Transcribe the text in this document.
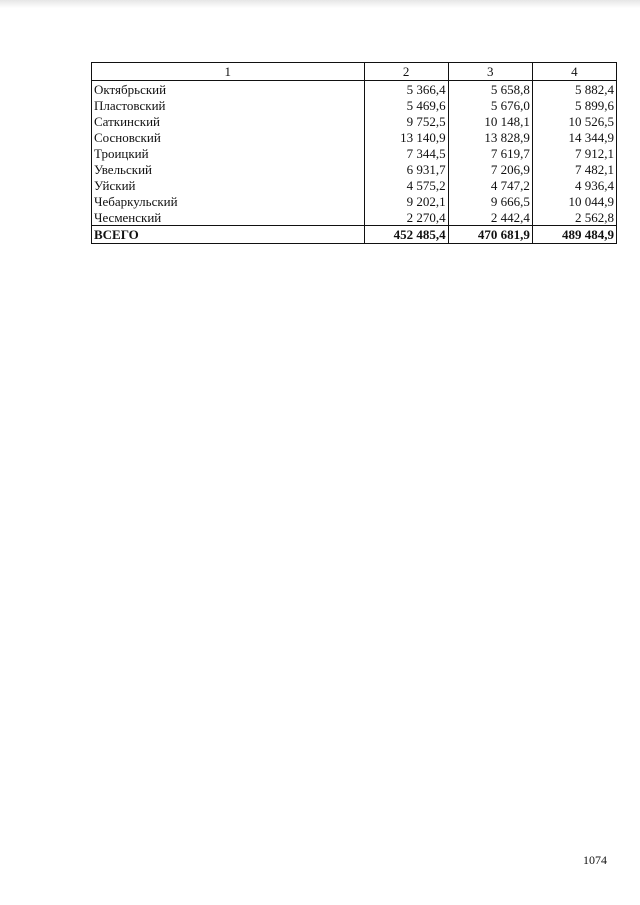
1	2	3	4
Октябрьский	5 366,4	5 658,8	5 882,4
Пластовский	5 469,6	5 676,0	5 899,6
Саткинский	9 752,5	10 148,1	10 526,5
Сосновский	13 140,9	13 828,9	14 344,9
Троицкий	7 344,5	7 619,7	7 912,1
Увельский	6 931,7	7 206,9	7 482,1
Уйский	4 575,2	4 747,2	4 936,4
Чебаркульский	9 202,1	9 666,5	10 044,9
Чесменский	2 270,4	2 442,4	2 562,8
ВСЕГО	452 485,4	470 681,9	489 484,9
1074
